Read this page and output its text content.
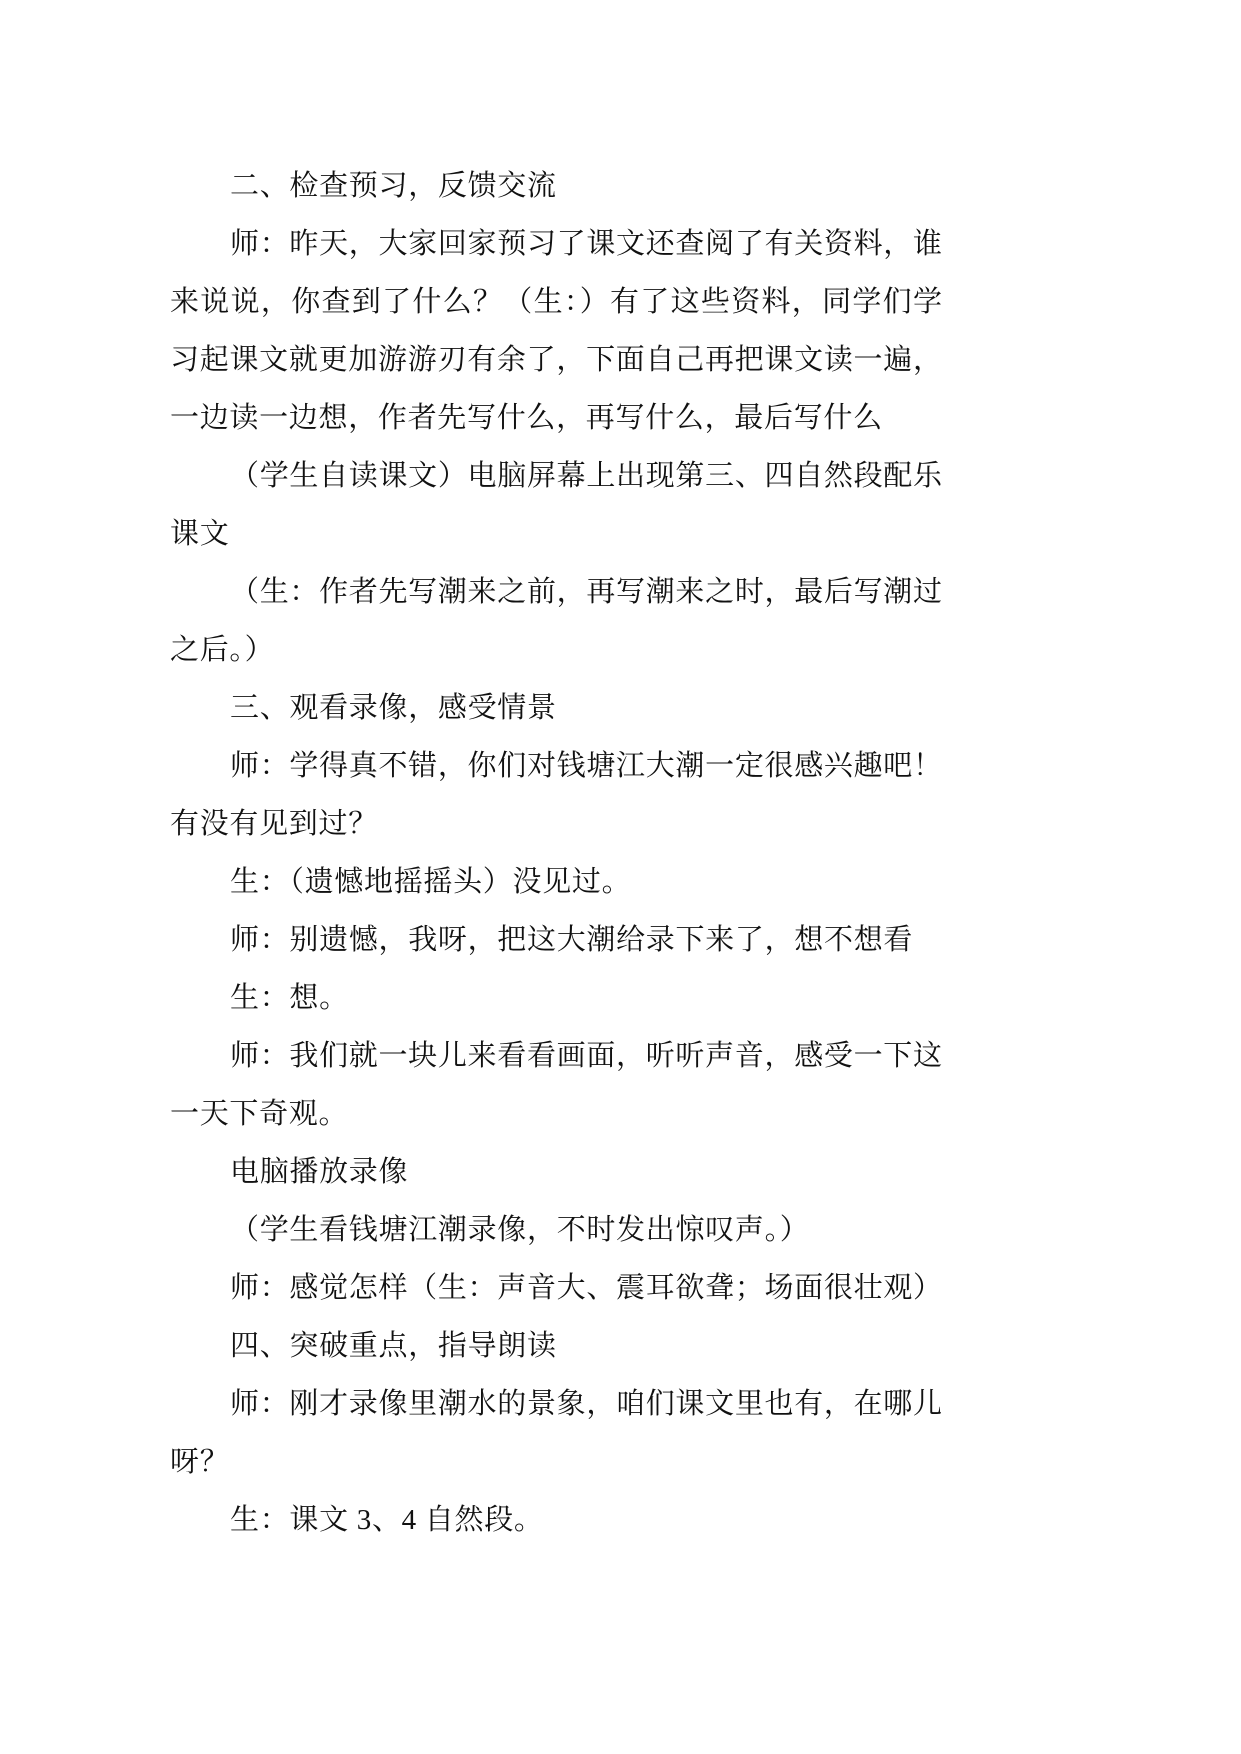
二、检查预习，反馈交流
师：昨天，大家回家预习了课文还查阅了有关资料，谁
来说说，你查到了什么？（生：）有了这些资料，同学们学
习起课文就更加游游刃有余了，下面自己再把课文读一遍，
一边读一边想，作者先写什么，再写什么，最后写什么
（学生自读课文）电脑屏幕上出现第三、四自然段配乐
课文
（生：作者先写潮来之前，再写潮来之时，最后写潮过
之后。）
三、观看录像，感受情景
师：学得真不错，你们对钱塘江大潮一定很感兴趣吧！
有没有见到过？
生：（遗憾地摇摇头）没见过。
师：别遗憾，我呀，把这大潮给录下来了，想不想看
生：想。
师：我们就一块儿来看看画面，听听声音，感受一下这
一天下奇观。
电脑播放录像
（学生看钱塘江潮录像，不时发出惊叹声。）
师：感觉怎样（生：声音大、震耳欲聋；场面很壮观）
四、突破重点，指导朗读
师：刚才录像里潮水的景象，咱们课文里也有，在哪儿
呀？
生：课文 3、4 自然段。
